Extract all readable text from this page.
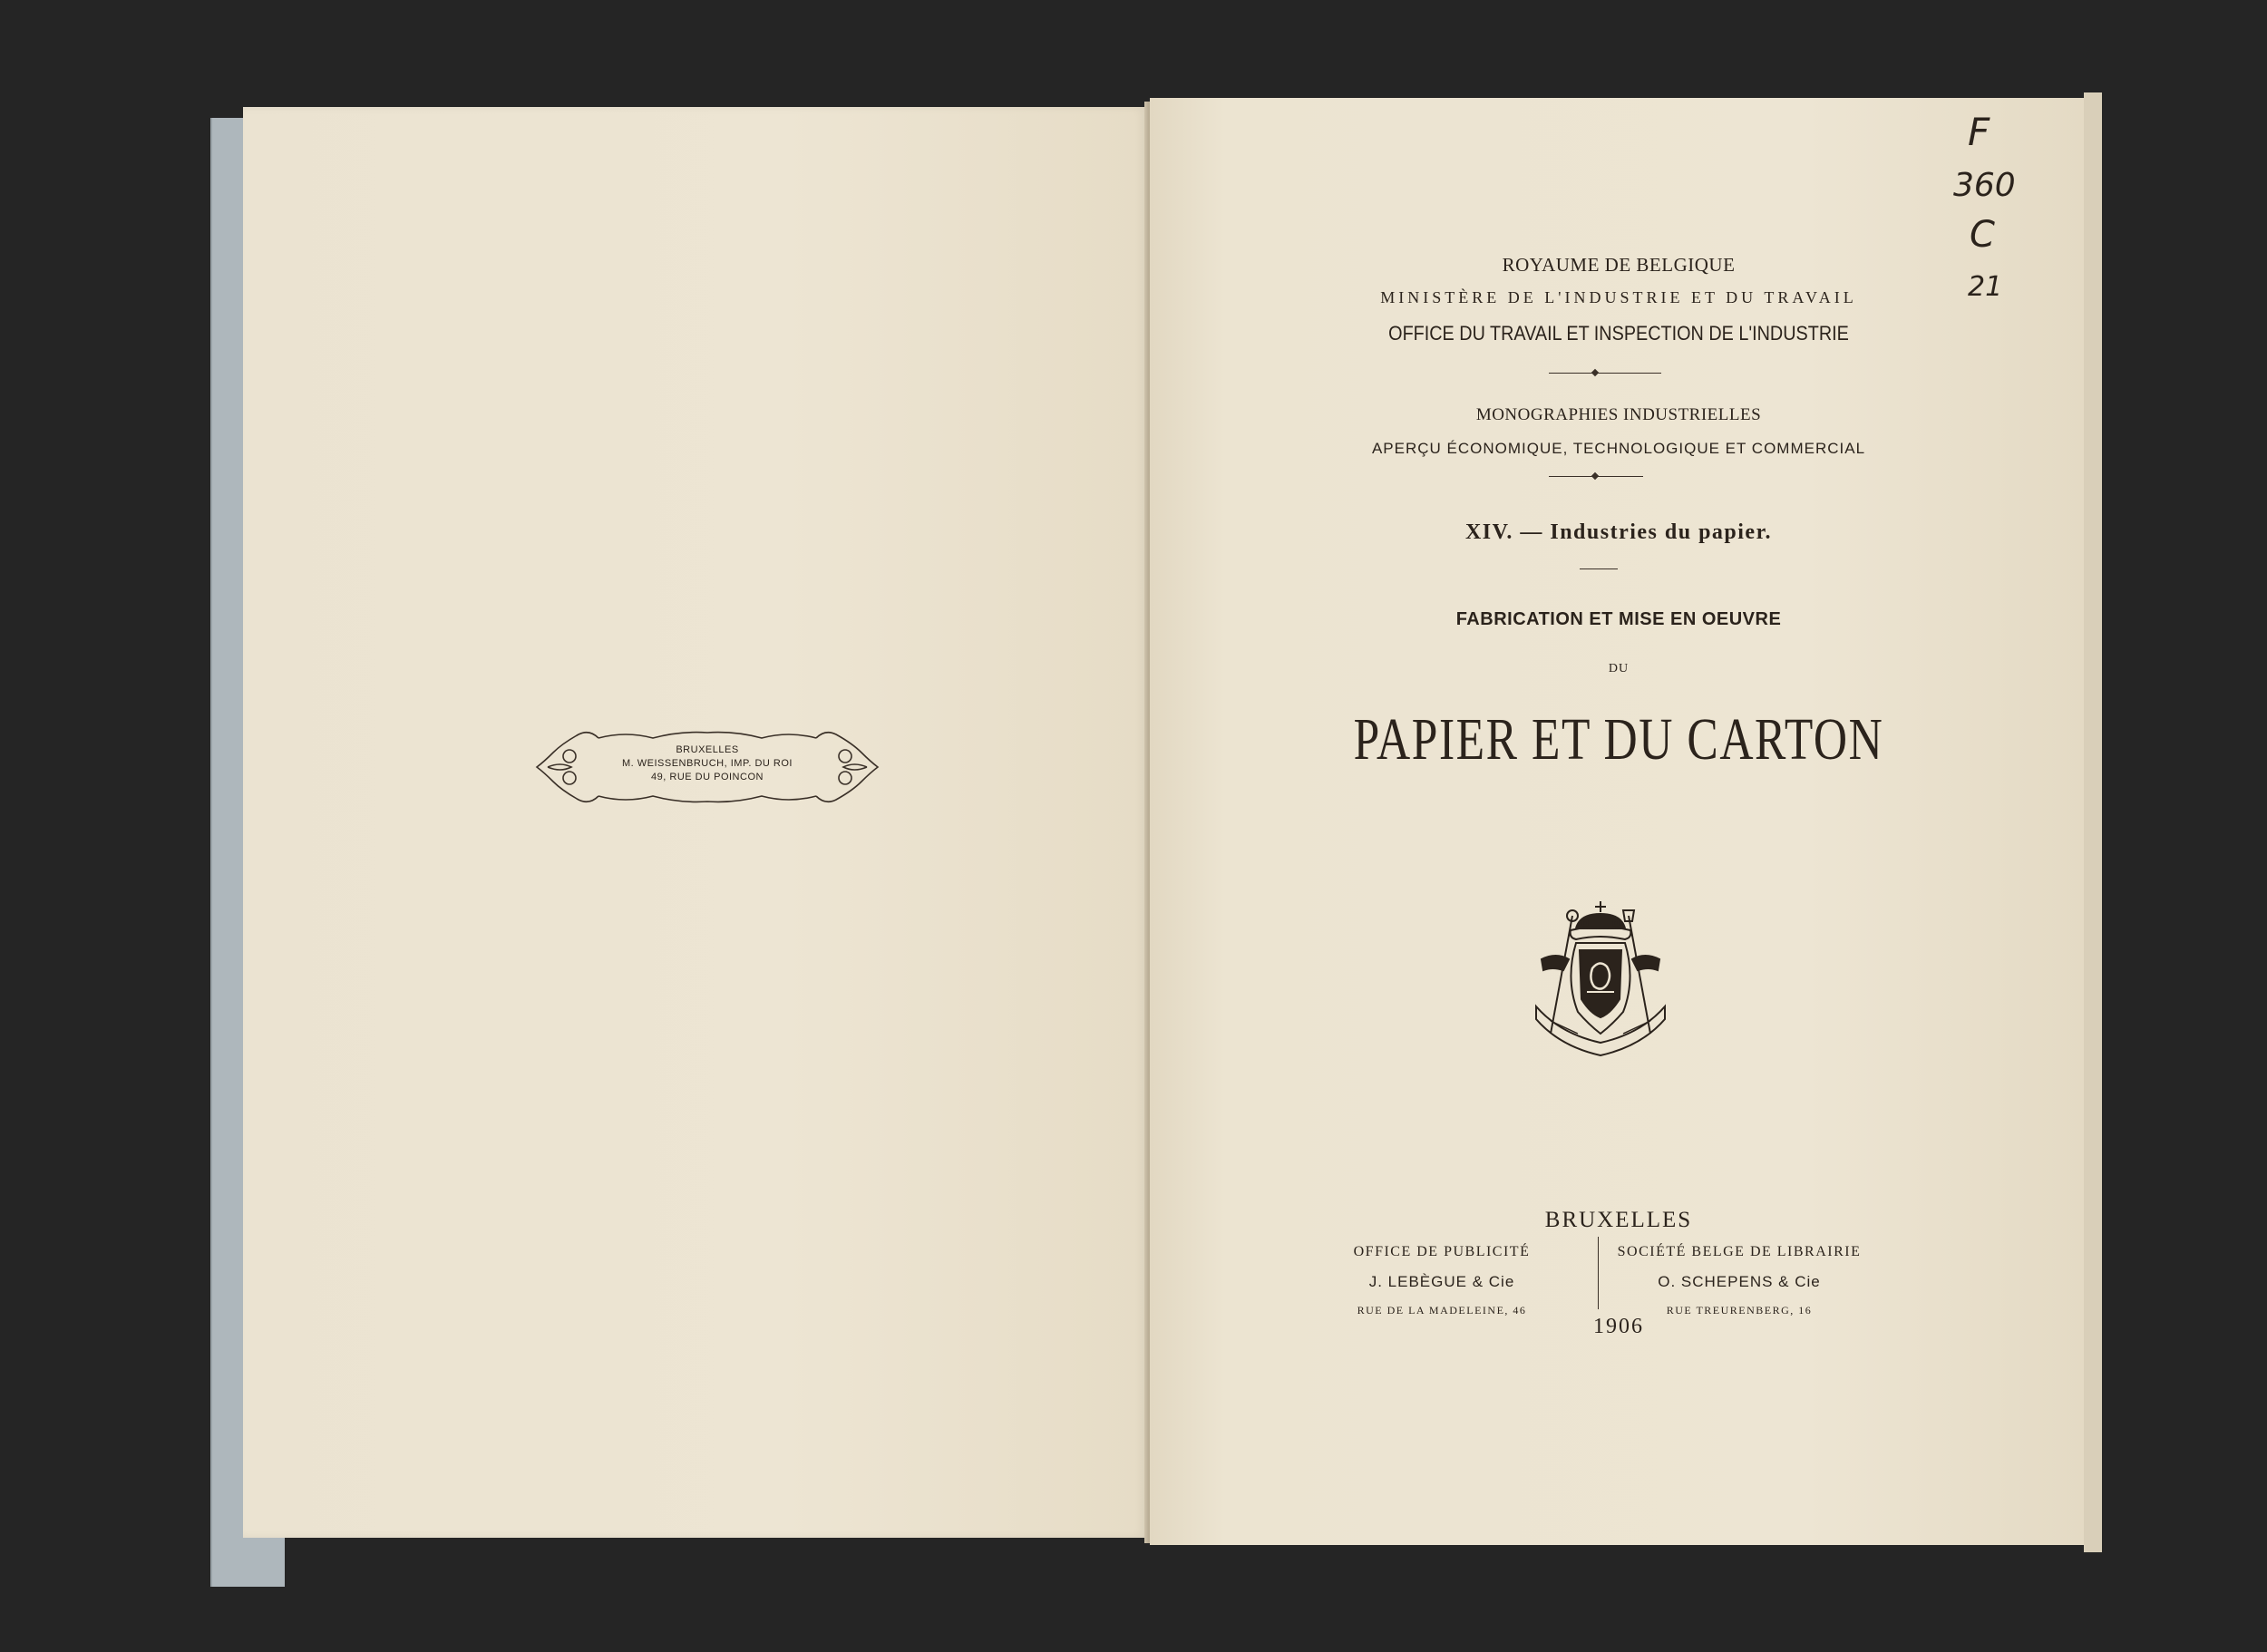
BRUXELLES
M. WEISSENBRUCH, IMP. DU ROI
49, RUE DU POINCON
ROYAUME DE BELGIQUE
MINISTÈRE DE L'INDUSTRIE ET DU TRAVAIL
OFFICE DU TRAVAIL ET INSPECTION DE L'INDUSTRIE
MONOGRAPHIES INDUSTRIELLES
APERÇU ÉCONOMIQUE, TECHNOLOGIQUE ET COMMERCIAL
XIV. — Industries du papier.
FABRICATION ET MISE EN OEUVRE
DU
PAPIER ET DU CARTON
BRUXELLES
OFFICE DE PUBLICITÉ
J. LEBÈGUE & Cie
RUE DE LA MADELEINE, 46
SOCIÉTÉ BELGE DE LIBRAIRIE
O. SCHEPENS & Cie
RUE TREURENBERG, 16
1906
F
360
C
21
